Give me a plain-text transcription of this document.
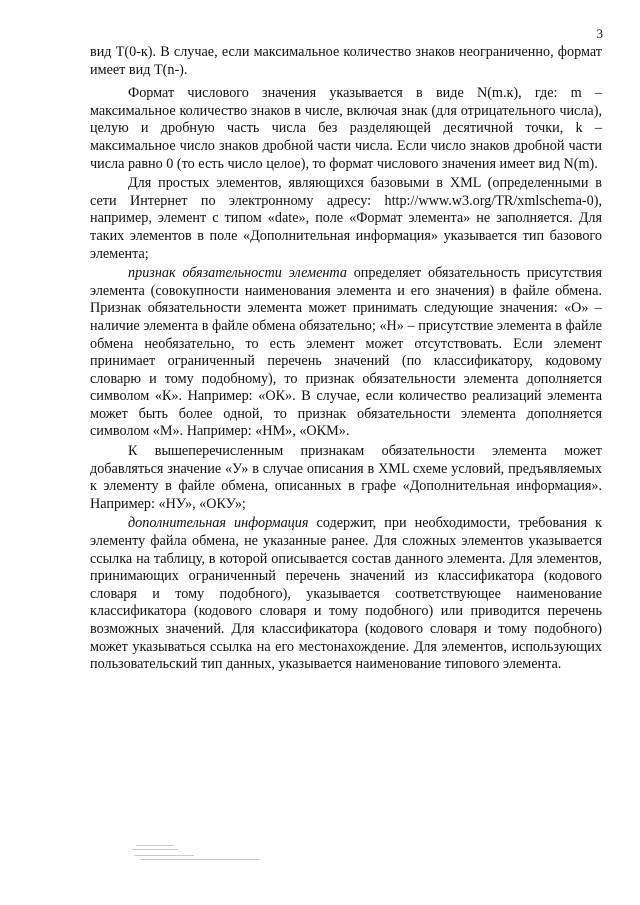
3

вид Т(0-к). В случае, если максимальное количество знаков неограниченно, формат имеет вид Т(n-).

Формат числового значения указывается в виде N(m.к), где: m – максимальное количество знаков в числе, включая знак (для отрицательного числа), целую и дробную часть числа без разделяющей десятичной точки, k – максимальное число знаков дробной части числа. Если число знаков дробной части числа равно 0 (то есть число целое), то формат числового значения имеет вид N(m).

Для простых элементов, являющихся базовыми в XML (определенными в сети Интернет по электронному адресу: http://www.w3.org/TR/xmlschema-0), например, элемент с типом «date», поле «Формат элемента» не заполняется. Для таких элементов в поле «Дополнительная информация» указывается тип базового элемента;

признак обязательности элемента определяет обязательность присутствия элемента (совокупности наименования элемента и его значения) в файле обмена. Признак обязательности элемента может принимать следующие значения: «О» – наличие элемента в файле обмена обязательно; «Н» – присутствие элемента в файле обмена необязательно, то есть элемент может отсутствовать. Если элемент принимает ограниченный перечень значений (по классификатору, кодовому словарю и тому подобному), то признак обязательности элемента дополняется символом «К». Например: «ОК». В случае, если количество реализаций элемента может быть более одной, то признак обязательности элемента дополняется символом «М». Например: «НМ», «ОКМ».

К вышеперечисленным признакам обязательности элемента может добавляться значение «У» в случае описания в XML схеме условий, предъявляемых к элементу в файле обмена, описанных в графе «Дополнительная информация». Например: «НУ», «ОКУ»;

дополнительная информация содержит, при необходимости, требования к элементу файла обмена, не указанные ранее. Для сложных элементов указывается ссылка на таблицу, в которой описывается состав данного элемента. Для элементов, принимающих ограниченный перечень значений из классификатора (кодового словаря и тому подобного), указывается соответствующее наименование классификатора (кодового словаря и тому подобного) или приводится перечень возможных значений. Для классификатора (кодового словаря и тому подобного) может указываться ссылка на его местонахождение. Для элементов, использующих пользовательский тип данных, указывается наименование типового элемента.
